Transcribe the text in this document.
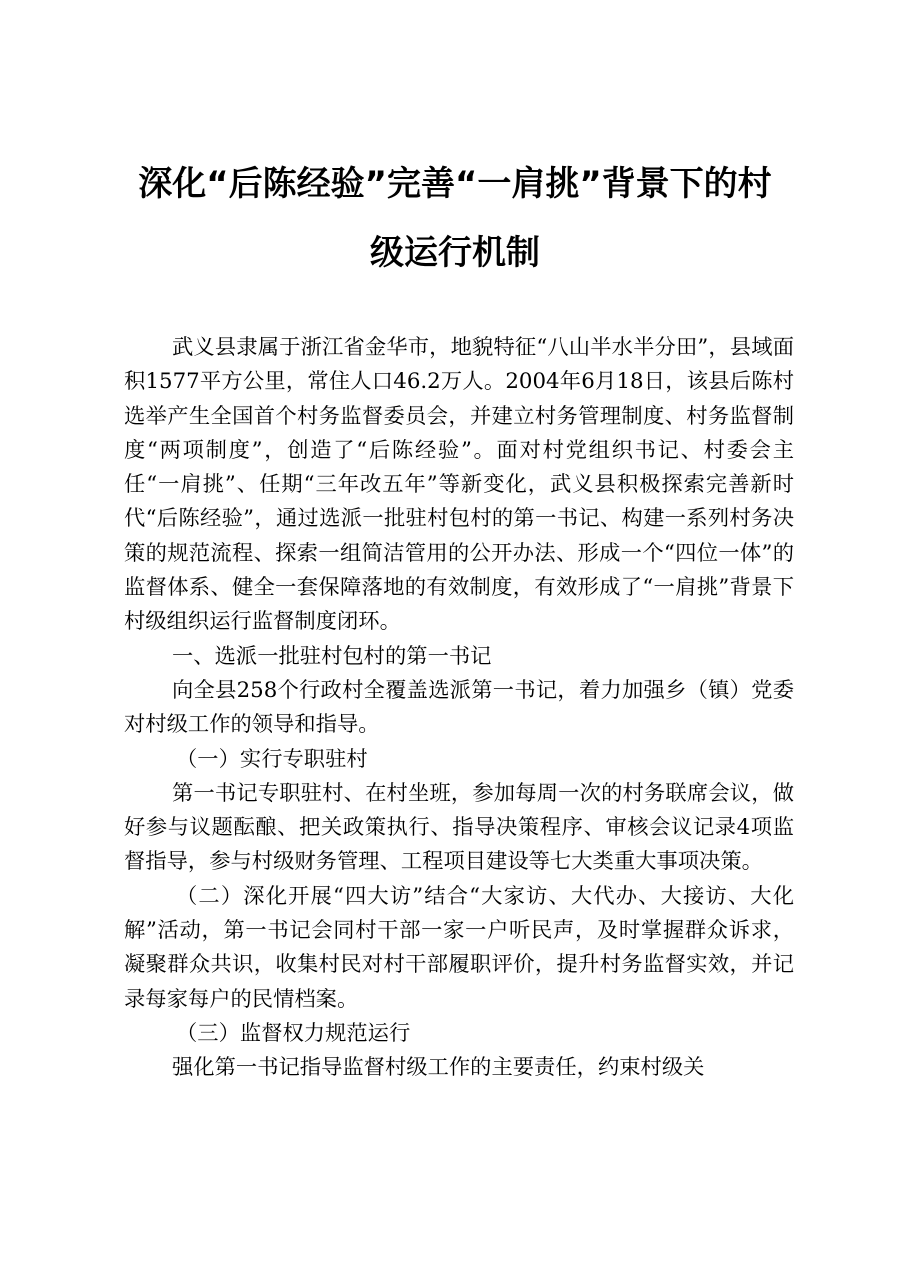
深化“后陈经验”完善“一肩挑”背景下的村
级运行机制

武义县隶属于浙江省金华市，地貌特征“八山半水半分田”，县域面积1577平方公里，常住人口46.2万人。2004年6月18日，该县后陈村选举产生全国首个村务监督委员会，并建立村务管理制度、村务监督制度“两项制度”，创造了“后陈经验”。面对村党组织书记、村委会主任“一肩挑”、任期“三年改五年”等新变化，武义县积极探索完善新时代“后陈经验”，通过选派一批驻村包村的第一书记、构建一系列村务决策的规范流程、探索一组简洁管用的公开办法、形成一个“四位一体”的监督体系、健全一套保障落地的有效制度，有效形成了“一肩挑”背景下村级组织运行监督制度闭环。

一、选派一批驻村包村的第一书记

向全县258个行政村全覆盖选派第一书记，着力加强乡（镇）党委对村级工作的领导和指导。

（一）实行专职驻村

第一书记专职驻村、在村坐班，参加每周一次的村务联席会议，做好参与议题酝酿、把关政策执行、指导决策程序、审核会议记录4项监督指导，参与村级财务管理、工程项目建设等七大类重大事项决策。

（二）深化开展“四大访”结合“大家访、大代办、大接访、大化解”活动，第一书记会同村干部一家一户听民声，及时掌握群众诉求，凝聚群众共识，收集村民对村干部履职评价，提升村务监督实效，并记录每家每户的民情档案。

（三）监督权力规范运行

强化第一书记指导监督村级工作的主要责任，约束村级关
